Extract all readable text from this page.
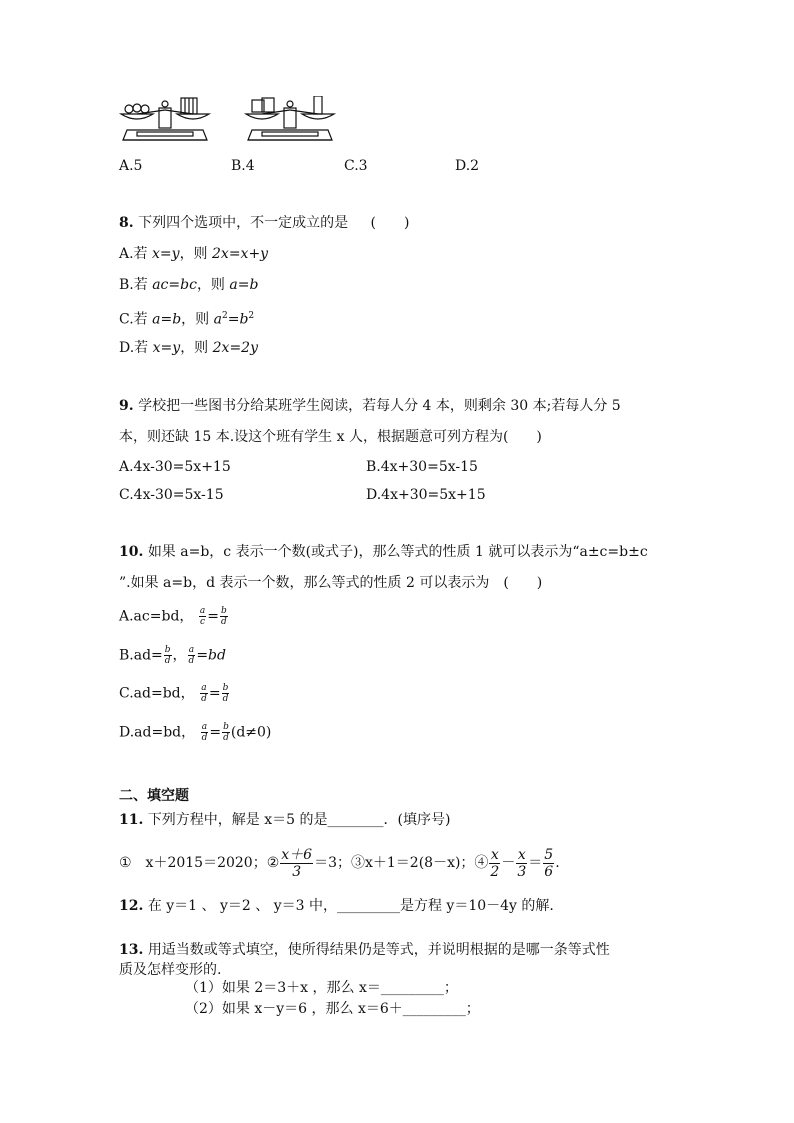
A.5	B.4	C.3	D.2
8. 下列四个选项中，不一定成立的是 (　　)
A.若 x=y，则 2x=x+y
B.若 ac=bc，则 a=b
C.若 a=b，则 $a^2=b^2$
D.若 x=y，则 2x=2y
9. 学校把一些图书分给某班学生阅读，若每人分 4 本，则剩余 30 本;若每人分 5
本，则还缺 15 本.设这个班有学生 x 人，根据题意可列方程为(　　)
A.4x-30=5x+15	B.4x+30=5x-15
C.4x-30=5x-15	D.4x+30=5x+15
10. 如果 a=b，c 表示一个数(或式子)，那么等式的性质 1 就可以表示为“a±c=b±c
”.如果 a=b，d 表示一个数，那么等式的性质 2 可以表示为　(　　)
A.ac=bd， $\frac{a}{c} = \frac{b}{d}$
$B.ad= \frac{b}{d}$ ， $\frac{a}{d} =bd$
C.ad=bd， $\frac{a}{d} = \frac{b}{d}$
D.ad=bd， $\frac{a}{d} = \frac{b}{d} (d\ne 0)$
二、填空题
11. 下列方程中，解是 x＝5 的是________．(填序号)
①　x＋2015＝2020；② $\frac{x+6}{3} =3$；③x＋1＝2(8－x)；④ $\frac{x}{2} - \frac{x}{3} = \frac{5}{6}$ .
12. 在 y＝1 、 y＝2 、 y＝3 中，_________是方程 y＝10－4y 的解.
13. 用适当数或等式填空，使所得结果仍是等式，并说明根据的是哪一条等式性
质及怎样变形的.
（1）如果 2＝3＋x ，那么 x＝_________；
（2）如果 x－y＝6 ，那么 x＝6＋_________；
